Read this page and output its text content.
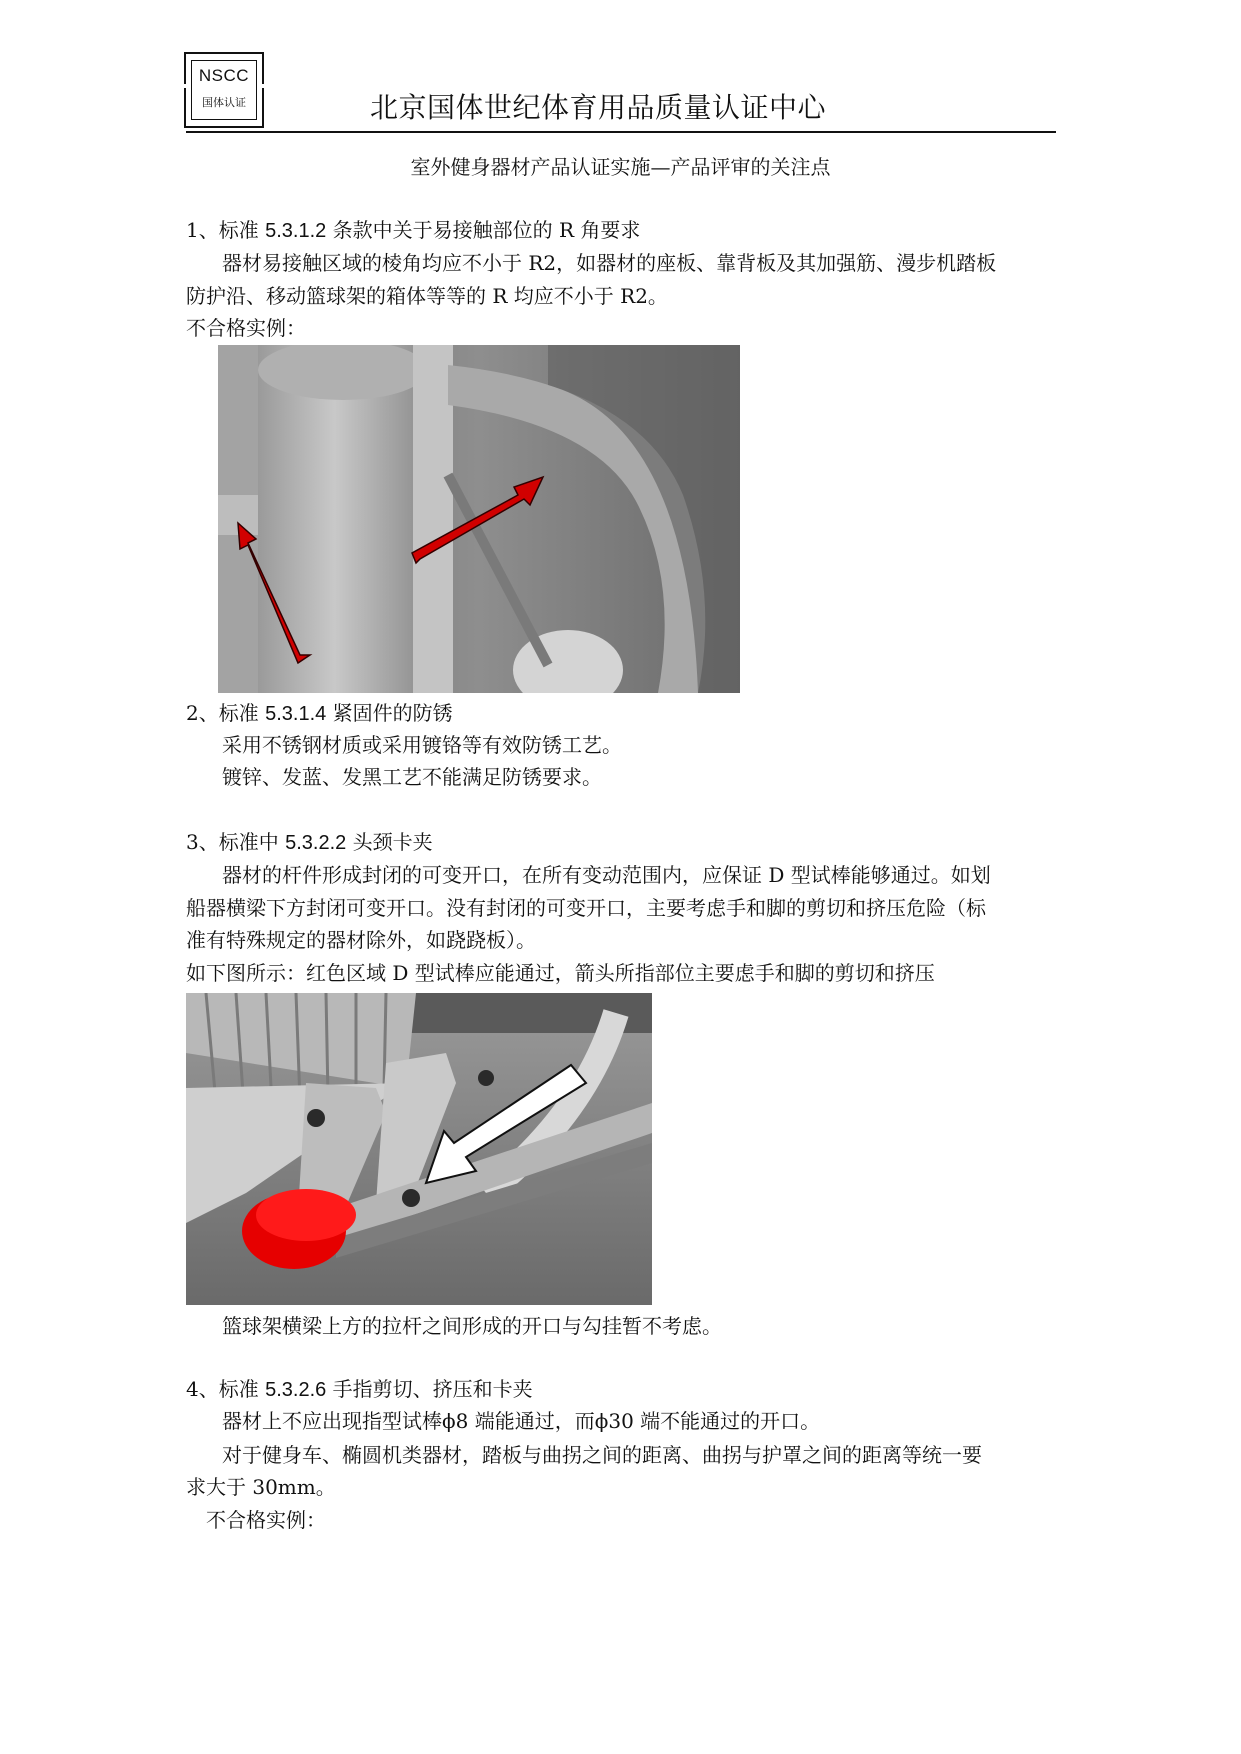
NSCC
国体认证	北京国体世纪体育用品质量认证中心
室外健身器材产品认证实施—产品评审的关注点
1、标准 5.3.1.2 条款中关于易接触部位的 R 角要求
器材易接触区域的棱角均应不小于 R2，如器材的座板、靠背板及其加强筋、漫步机踏板
防护沿、移动篮球架的箱体等等的 R 均应不小于 R2。
不合格实例：
2、标准 5.3.1.4 紧固件的防锈
采用不锈钢材质或采用镀铬等有效防锈工艺。
镀锌、发蓝、发黑工艺不能满足防锈要求。
3、标准中 5.3.2.2 头颈卡夹
器材的杆件形成封闭的可变开口，在所有变动范围内，应保证 D 型试棒能够通过。如划
船器横梁下方封闭可变开口。没有封闭的可变开口，主要考虑手和脚的剪切和挤压危险（标
准有特殊规定的器材除外，如跷跷板）。
如下图所示：红色区域 D 型试棒应能通过，箭头所指部位主要虑手和脚的剪切和挤压
篮球架横梁上方的拉杆之间形成的开口与勾挂暂不考虑。
4、标准 5.3.2.6 手指剪切、挤压和卡夹
器材上不应出现指型试棒ϕ8 端能通过，而ϕ30 端不能通过的开口。
对于健身车、椭圆机类器材，踏板与曲拐之间的距离、曲拐与护罩之间的距离等统一要
求大于 30mm。
不合格实例：
